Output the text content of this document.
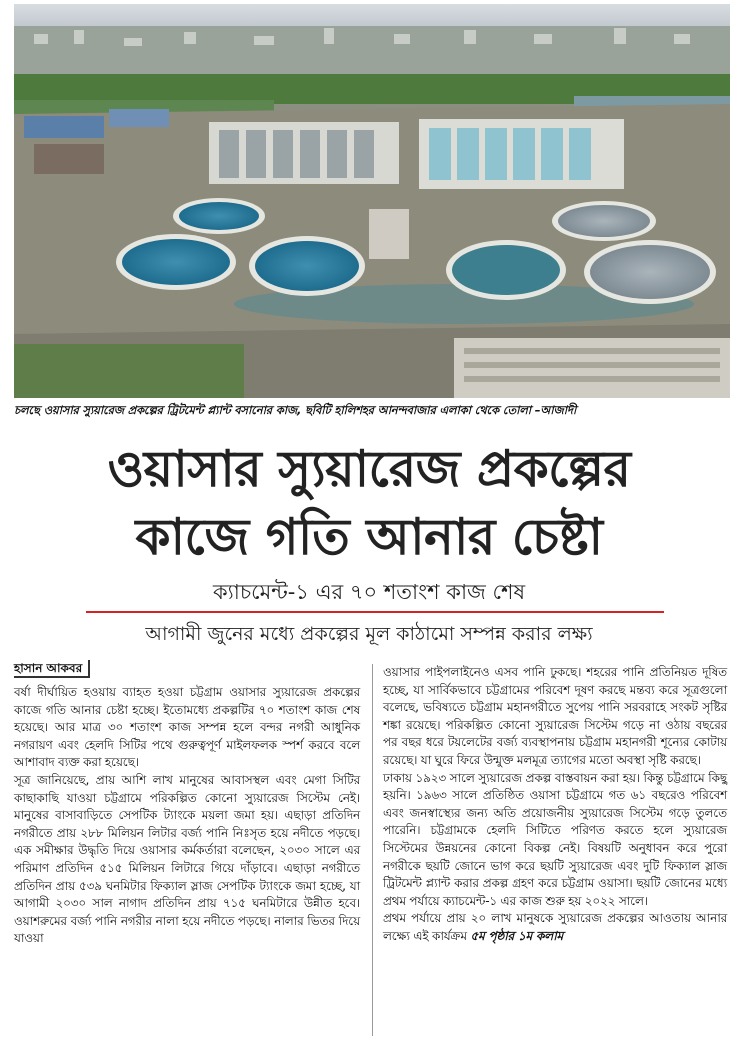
চলছে ওয়াসার স্যুয়ারেজ প্রকল্পের ট্রিটমেন্ট প্ল্যান্ট বসানোর কাজ, ছবিটি হালিশহর আনন্দবাজার এলাকা থেকে তোলা –আজাদী
ওয়াসার স্যুয়ারেজ প্রকল্পের
কাজে গতি আনার চেষ্টা
ক্যাচমেন্ট-১ এর ৭০ শতাংশ কাজ শেষ
আগামী জুনের মধ্যে প্রকল্পের মূল কাঠামো সম্পন্ন করার লক্ষ্য
হাসান আকবর

বর্ষা দীর্ঘায়িত হওয়ায় ব্যাহত হওয়া চট্টগ্রাম ওয়াসার স্যুয়ারেজ প্রকল্পের কাজে গতি আনার চেষ্টা হচ্ছে। ইতোমধ্যে প্রকল্পটির ৭০ শতাংশ কাজ শেষ হয়েছে। আর মাত্র ৩০ শতাংশ কাজ সম্পন্ন হলে বন্দর নগরী আধুনিক নগরায়ণ এবং হেলদি সিটির পথে গুরুত্বপূর্ণ মাইলফলক স্পর্শ করবে বলে আশাবাদ ব্যক্ত করা হয়েছে।

সূত্র জানিয়েছে, প্রায় আশি লাখ মানুষের আবাসস্থল এবং মেগা সিটির কাছাকাছি যাওয়া চট্টগ্রামে পরিকল্পিত কোনো স্যুয়ারেজ সিস্টেম নেই। মানুষের বাসাবাড়িতে সেপটিক ট্যাংকে ময়লা জমা হয়। এছাড়া প্রতিদিন নগরীতে প্রায় ২৮৮ মিলিয়ন লিটার বর্জ্য পানি নিঃসৃত হয়ে নদীতে পড়ছে। এক সমীক্ষার উদ্ধৃতি দিয়ে ওয়াসার কর্মকর্তারা বলেছেন, ২০৩০ সালে এর পরিমাণ প্রতিদিন ৫১৫ মিলিয়ন লিটারে গিয়ে দাঁড়াবে। এছাড়া নগরীতে প্রতিদিন প্রায় ৫৩৯ ঘনমিটার ফিক্যাল স্লাজ সেপটিক ট্যাংকে জমা হচ্ছে, যা আগামী ২০৩০ সাল নাগাদ প্রতিদিন প্রায় ৭১৫ ঘনমিটারে উন্নীত হবে। ওয়াশরুমের বর্জ্য পানি নগরীর নালা হয়ে নদীতে পড়ছে। নালার ভিতর দিয়ে যাওয়া

ওয়াসার পাইপলাইনেও এসব পানি ঢুকছে। শহরের পানি প্রতিনিয়ত দূষিত হচ্ছে, যা সার্বিকভাবে চট্টগ্রামের পরিবেশ দূষণ করছে মন্তব্য করে সূত্রগুলো বলেছে, ভবিষ্যতে চট্টগ্রাম মহানগরীতে সুপেয় পানি সরবরাহে সংকট সৃষ্টির শঙ্কা রয়েছে। পরিকল্পিত কোনো স্যুয়ারেজ সিস্টেম গড়ে না ওঠায় বছরের পর বছর ধরে টয়লেটের বর্জ্য ব্যবস্থাপনায় চট্টগ্রাম মহানগরী শূন্যের কোটায় রয়েছে। যা ঘুরে ফিরে উন্মুক্ত মলমূত্র ত্যাগের মতো অবস্থা সৃষ্টি করছে।

ঢাকায় ১৯২৩ সালে স্যুয়ারেজ প্রকল্প বাস্তবায়ন করা হয়। কিন্তু চট্টগ্রামে কিছু হয়নি। ১৯৬৩ সালে প্রতিষ্ঠিত ওয়াসা চট্টগ্রামে গত ৬১ বছরেও পরিবেশ এবং জনস্বাস্থ্যের জন্য অতি প্রয়োজনীয় স্যুয়ারেজ সিস্টেম গড়ে তুলতে পারেনি। চট্টগ্রামকে হেলদি সিটিতে পরিণত করতে হলে স্যুয়ারেজ সিস্টেমের উন্নয়নের কোনো বিকল্প নেই। বিষয়টি অনুধাবন করে পুরো নগরীকে ছয়টি জোনে ভাগ করে ছয়টি স্যুয়ারেজ এবং দুটি ফিক্যাল স্লাজ ট্রিটমেন্ট প্ল্যান্ট করার প্রকল্প গ্রহণ করে চট্টগ্রাম ওয়াসা। ছয়টি জোনের মধ্যে প্রথম পর্যায়ে ক্যাচমেন্ট-১ এর কাজ শুরু হয় ২০২২ সালে।

প্রথম পর্যায়ে প্রায় ২০ লাখ মানুষকে স্যুয়ারেজ প্রকল্পের আওতায় আনার লক্ষ্যে এই কার্যক্রম ৫ম পৃষ্ঠার ১ম কলাম
